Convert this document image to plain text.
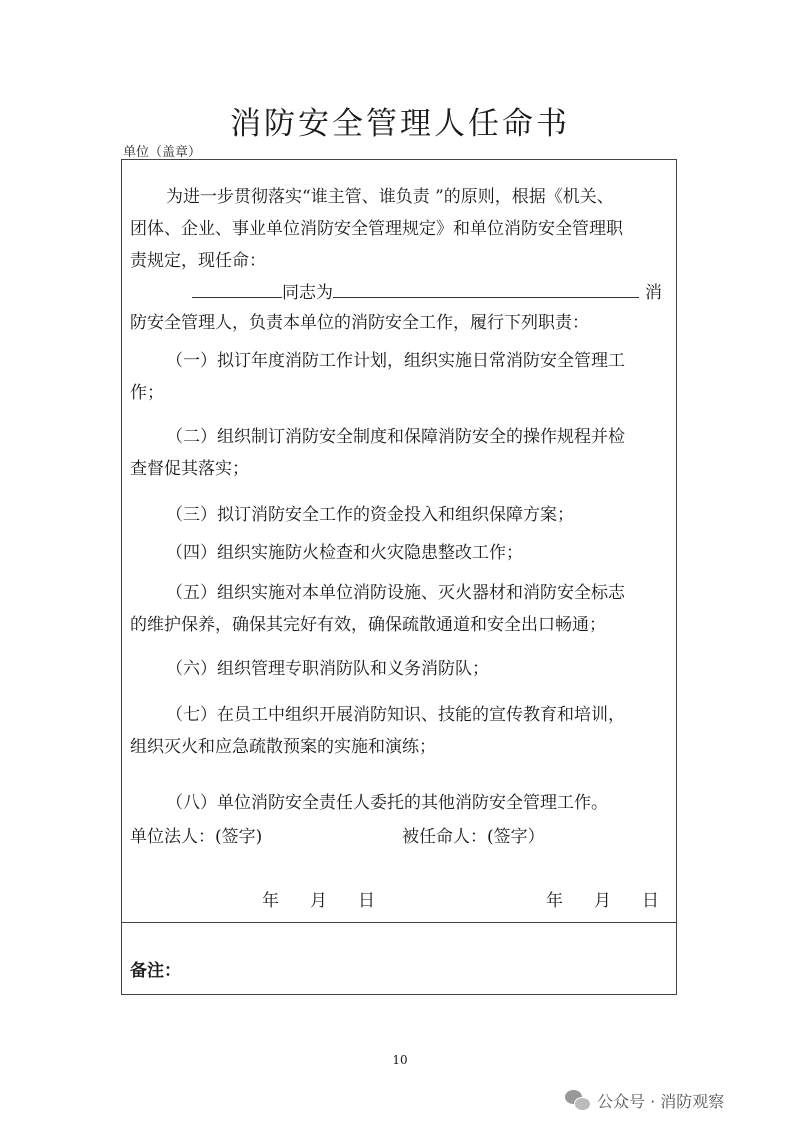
消防安全管理人任命书
单位（盖章）
为进一步贯彻落实“谁主管、谁负责 ”的原则，根据《机关、
团体、企业、事业单位消防安全管理规定》和单位消防安全管理职
责规定，现任命：
同志为	消
防安全管理人，负责本单位的消防安全工作，履行下列职责：
（一）拟订年度消防工作计划，组织实施日常消防安全管理工
作；
（二）组织制订消防安全制度和保障消防安全的操作规程并检
查督促其落实；
（三）拟订消防安全工作的资金投入和组织保障方案；
（四）组织实施防火检查和火灾隐患整改工作；
（五）组织实施对本单位消防设施、灭火器材和消防安全标志
的维护保养，确保其完好有效，确保疏散通道和安全出口畅通；
（六）组织管理专职消防队和义务消防队；
（七）在员工中组织开展消防知识、技能的宣传教育和培训，
组织灭火和应急疏散预案的实施和演练；
（八）单位消防安全责任人委托的其他消防安全管理工作。
单位法人：(签字)	被任命人：(签字）
年 月 日	年 月 日
备注：
10
公众号 · 消防观察
